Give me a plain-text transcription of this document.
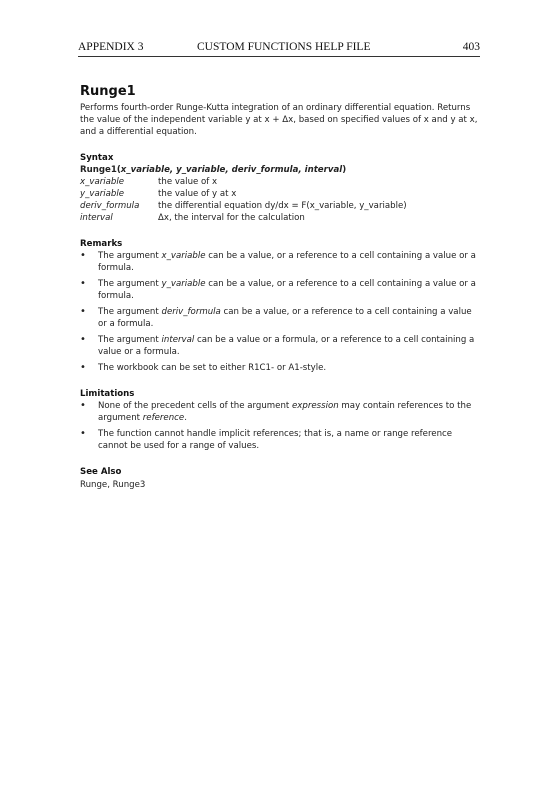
APPENDIX 3	CUSTOM FUNCTIONS HELP FILE	403
Runge1

Performs fourth-order Runge-Kutta integration of an ordinary differential equation. Returns the value of the independent variable y at x + Δx, based on specified values of x and y at x, and a differential equation.

Syntax
Runge1(x_variable, y_variable, deriv_formula, interval)
x_variable	the value of x
y_variable	the value of y at x
deriv_formula	the differential equation dy/dx = F(x_variable, y_variable)
interval	Δx, the interval for the calculation
Remarks
• The argument x_variable can be a value, or a reference to a cell containing a value or a formula.
• The argument y_variable can be a value, or a reference to a cell containing a value or a formula.
• The argument deriv_formula can be a value, or a reference to a cell containing a value or a formula.
• The argument interval can be a value or a formula, or a reference to a cell containing a value or a formula.
• The workbook can be set to either R1C1- or A1-style.
Limitations
• None of the precedent cells of the argument expression may contain references to the argument reference.
• The function cannot handle implicit references; that is, a name or range reference cannot be used for a range of values.
See Also
Runge, Runge3
